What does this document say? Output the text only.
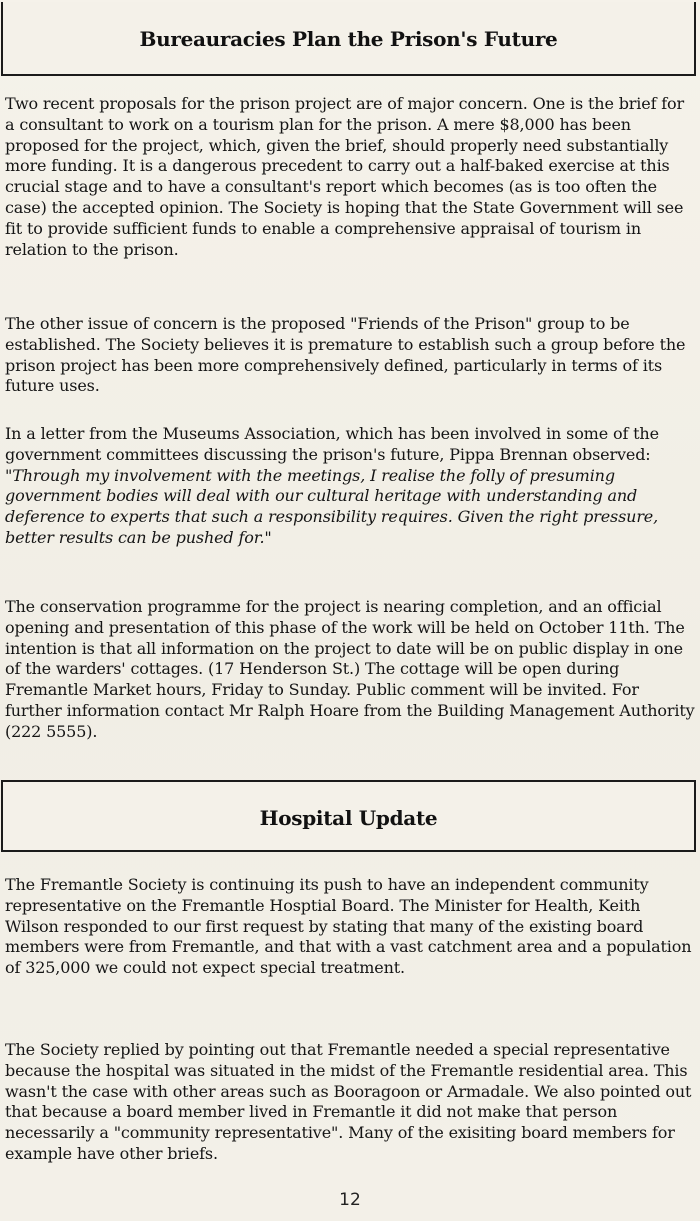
Bureauracies Plan the Prison's Future

Two recent proposals for the prison project are of major concern. One is the brief for a consultant to work on a tourism plan for the prison. A mere $8,000 has been proposed for the project, which, given the brief, should properly need substantially more funding. It is a dangerous precedent to carry out a half-baked exercise at this crucial stage and to have a consultant's report which becomes (as is too often the case) the accepted opinion. The Society is hoping that the State Government will see fit to provide sufficient funds to enable a comprehensive appraisal of tourism in relation to the prison.

The other issue of concern is the proposed "Friends of the Prison" group to be established. The Society believes it is premature to establish such a group before the prison project has been more comprehensively defined, particularly in terms of its future uses.

In a letter from the Museums Association, which has been involved in some of the government committees discussing the prison's future, Pippa Brennan observed: "Through my involvement with the meetings, I realise the folly of presuming government bodies will deal with our cultural heritage with understanding and deference to experts that such a responsibility requires. Given the right pressure, better results can be pushed for."

The conservation programme for the project is nearing completion, and an official opening and presentation of this phase of the work will be held on October 11th. The intention is that all information on the project to date will be on public display in one of the warders' cottages. (17 Henderson St.) The cottage will be open during Fremantle Market hours, Friday to Sunday. Public comment will be invited. For further information contact Mr Ralph Hoare from the Building Management Authority (222 5555).

Hospital Update

The Fremantle Society is continuing its push to have an independent community representative on the Fremantle Hosptial Board. The Minister for Health, Keith Wilson responded to our first request by stating that many of the existing board members were from Fremantle, and that with a vast catchment area and a population of 325,000 we could not expect special treatment.

The Society replied by pointing out that Fremantle needed a special representative because the hospital was situated in the midst of the Fremantle residential area. This wasn't the case with other areas such as Booragoon or Armadale. We also pointed out that because a board member lived in Fremantle it did not make that person necessarily a "community representative". Many of the exisiting board members for example have other briefs.

12
